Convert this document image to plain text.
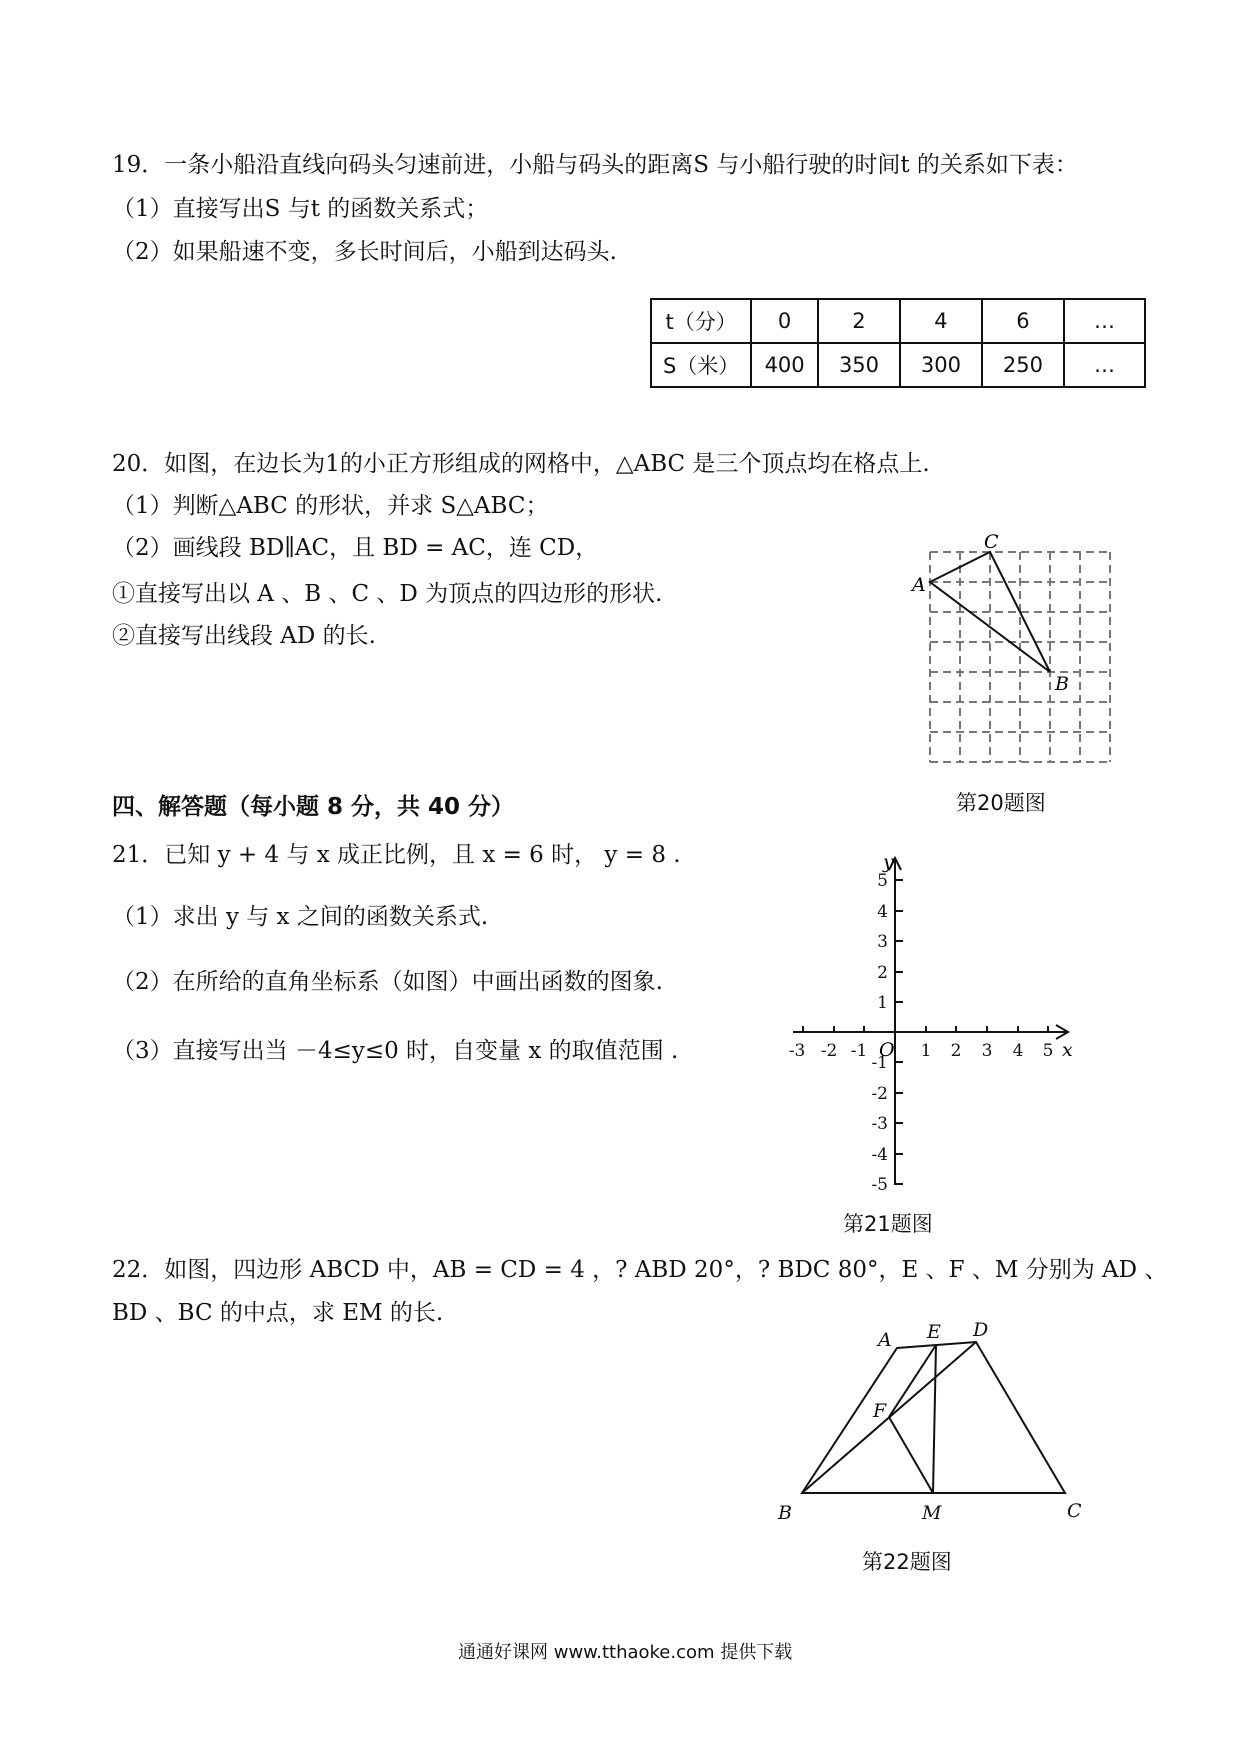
19．一条小船沿直线向码头匀速前进，小船与码头的距离S 与小船行驶的时间t 的关系如下表：
（1）直接写出S 与t 的函数关系式；
（2）如果船速不变，多长时间后，小船到达码头.
t（分）	0	2	4	6	…
S（米）	400	350	300	250	…
20．如图，在边长为1的小正方形组成的网格中，△ABC 是三个顶点均在格点上.
（1）判断△ABC 的形状，并求 S△ABC；
（2）画线段 BD∥AC，且 BD = AC，连 CD，
①直接写出以 A 、B 、C 、D 为顶点的四边形的形状.
②直接写出线段 AD 的长.
A
B
C
第20题图
四、解答题（每小题 8 分，共 40 分）
21．已知 y + 4 与 x 成正比例，且 x = 6 时， y = 8 .
（1）求出 y 与 x 之间的函数关系式.
（2）在所给的直角坐标系（如图）中画出函数的图象.
（3）直接写出当 －4≤y≤0 时，自变量 x 的取值范围 .	-3 -2 -1	1 2 3 4 5
5
4
3
2
1
-1
-2
-3
-4
-5
O	x
y
第21题图
22．如图，四边形 ABCD 中，AB = CD = 4 ，? ABD 20°，? BDC 80°，E 、F 、M 分别为 AD 、
BD 、BC 的中点，求 EM 的长.
A E D
F
B	M	C
第22题图
通通好课网 www.tthaoke.com 提供下载
